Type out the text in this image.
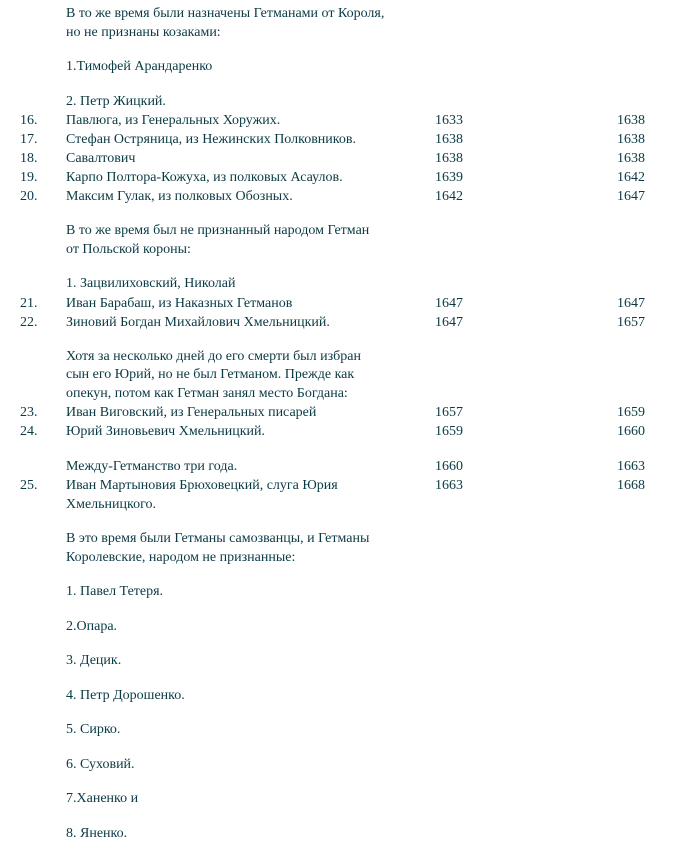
В то же время были назначены Гетманами от Короля,
но не признаны козаками:
1.Тимофей Арандаренко
2. Петр Жицкий.
16.	Павлюга, из Генеральных Хоружих.	1633	1638
17.	Стефан Остряница, из Нежинских Полковников.	1638	1638
18.	Савалтович	1638	1638
19.	Карпо Полтора-Кожуха, из полковых Асаулов.	1639	1642
20.	Максим Гулак, из полковых Обозных.	1642	1647
В то же время был не признанный народом Гетман
от Польской короны:
1. Зацвилиховский, Николай
21.	Иван Барабаш, из Наказных Гетманов	1647	1647
22.	Зиновий Богдан Михайлович Хмельницкий.	1647	1657
Хотя за несколько дней до его смерти был избран
сын его Юрий, но не был Гетманом. Прежде как
опекун, потом как Гетман занял место Богдана:
23.	Иван Виговский, из Генеральных писарей	1657	1659
24.	Юрий Зиновьевич Хмельницкий.	1659	1660
Между-Гетманство три года.	1660	1663
25.	Иван Мартыновия Брюховецкий, слуга Юрия
Хмельницкого.
1663	1668
В это время были Гетманы самозванцы, и Гетманы
Королевские, народом не признанные:
1. Павел Тетеря.
2.Опара.
3. Децик.
4. Петр Дорошенко.
5. Сирко.
6. Суховий.
7.Ханенко и
8. Яненко.
